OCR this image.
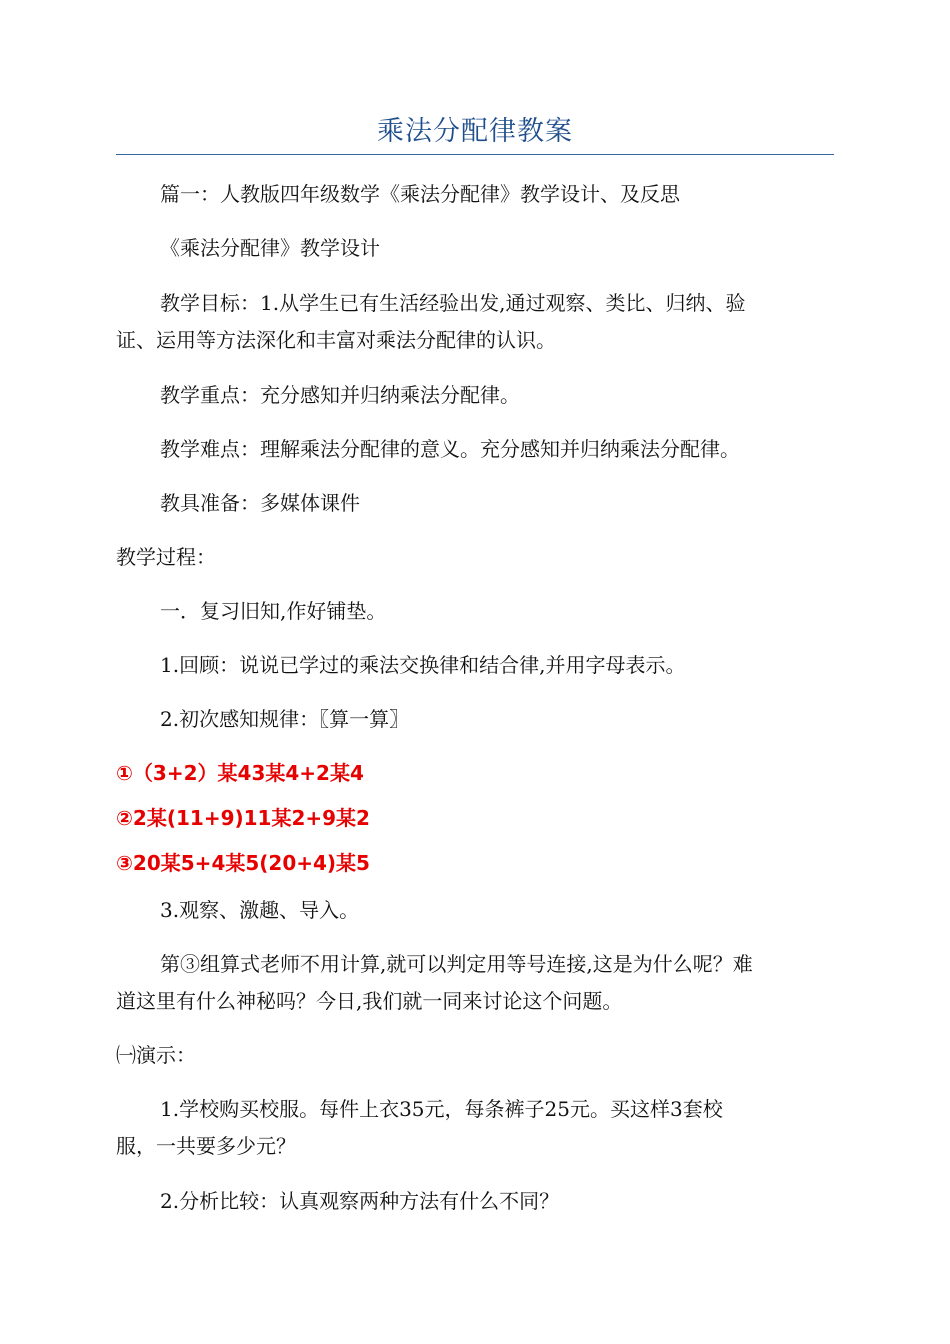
乘法分配律教案

篇一：人教版四年级数学《乘法分配律》教学设计、及反思

《乘法分配律》教学设计

教学目标：1.从学生已有生活经验出发,通过观察、类比、归纳、验

证、运用等方法深化和丰富对乘法分配律的认识。

教学重点：充分感知并归纳乘法分配律。

教学难点：理解乘法分配律的意义。充分感知并归纳乘法分配律。

教具准备：多媒体课件

教学过程：

一．复习旧知,作好铺垫。

1.回顾：说说已学过的乘法交换律和结合律,并用字母表示。

2.初次感知规律：〖算一算〗

①（3+2）某43某4+2某4
②2某(11+9)11某2+9某2
③20某5+4某5(20+4)某5

3.观察、激趣、导入。

第③组算式老师不用计算,就可以判定用等号连接,这是为什么呢？难

道这里有什么神秘吗？今日,我们就一同来讨论这个问题。

㈠演示：

1.学校购买校服。每件上衣35元，每条裤子25元。买这样3套校

服，一共要多少元？

2.分析比较：认真观察两种方法有什么不同？
